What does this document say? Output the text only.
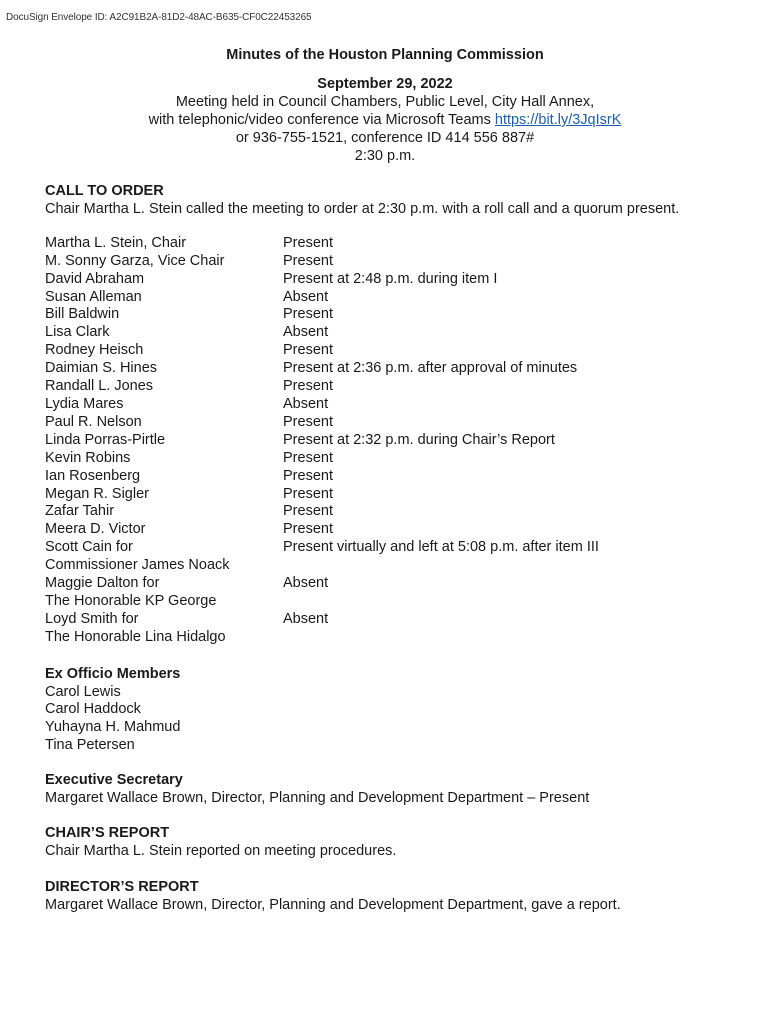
DocuSign Envelope ID: A2C91B2A-81D2-48AC-B635-CF0C22453265
Minutes of the Houston Planning Commission
September 29, 2022
Meeting held in Council Chambers, Public Level, City Hall Annex,
with telephonic/video conference via Microsoft Teams https://bit.ly/3JqIsrK
or 936-755-1521, conference ID 414 556 887#
2:30 p.m.
CALL TO ORDER
Chair Martha L. Stein called the meeting to order at 2:30 p.m. with a roll call and a quorum present.
Martha L. Stein, Chair	Present
M. Sonny Garza, Vice Chair	Present
David Abraham	Present at 2:48 p.m. during item I
Susan Alleman	Absent
Bill Baldwin	Present
Lisa Clark	Absent
Rodney Heisch	Present
Daimian S. Hines	Present at 2:36 p.m. after approval of minutes
Randall L. Jones	Present
Lydia Mares	Absent
Paul R. Nelson	Present
Linda Porras-Pirtle	Present at 2:32 p.m. during Chair’s Report
Kevin Robins	Present
Ian Rosenberg	Present
Megan R. Sigler	Present
Zafar Tahir	Present
Meera D. Victor	Present
Scott Cain for	Present virtually and left at 5:08 p.m. after item III
Commissioner James Noack
Maggie Dalton for	Absent
The Honorable KP George
Loyd Smith for	Absent
The Honorable Lina Hidalgo
Ex Officio Members
Carol Lewis
Carol Haddock
Yuhayna H. Mahmud
Tina Petersen
Executive Secretary
Margaret Wallace Brown, Director, Planning and Development Department – Present
CHAIR’S REPORT
Chair Martha L. Stein reported on meeting procedures.
DIRECTOR’S REPORT
Margaret Wallace Brown, Director, Planning and Development Department, gave a report.
